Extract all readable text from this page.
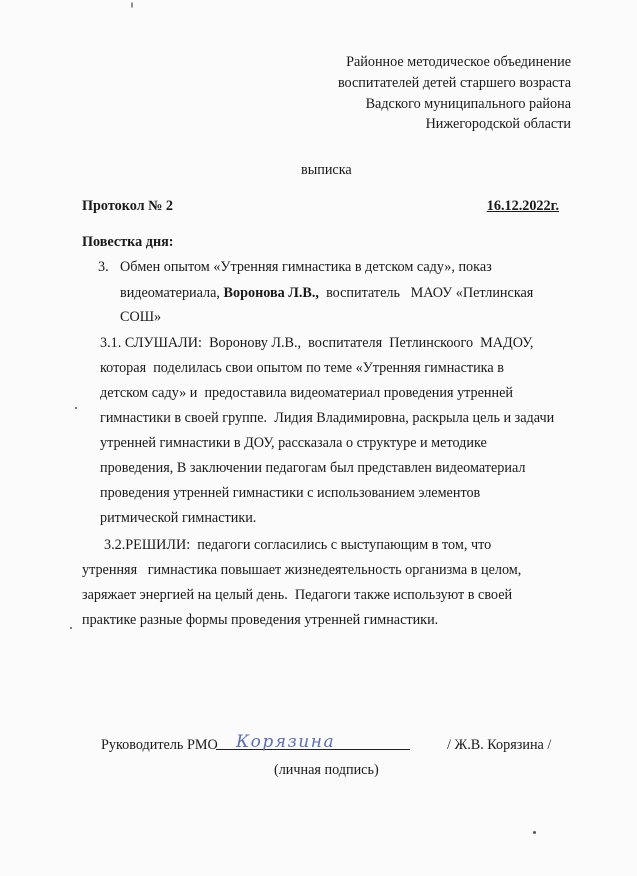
Районное методическое объединение
воспитателей детей старшего возраста
Вадского муниципального района
Нижегородской области
выписка
Протокол № 2	16.12.2022г.
Повестка дня:
3. Обмен опытом «Утренняя гимнастика в детском саду», показ
видеоматериала, Воронова Л.В.,  воспитатель   МАОУ «Петлинская
СОШ»
3.1. СЛУШАЛИ:  Воронову Л.В.,  воспитателя  Петлинскоого  МАДОУ,
которая  поделилась свои опытом по теме «Утренняя гимнастика в
детском саду» и  предоставила видеоматериал проведения утренней
гимнастики в своей группе.  Лидия Владимировна, раскрыла цель и задачи
утренней гимнастики в ДОУ, рассказала о структуре и методике
проведения, В заключении педагогам был представлен видеоматериал
проведения утренней гимнастики с использованием элементов
ритмической гимнастики.
3.2.РЕШИЛИ:  педагоги согласились с выступающим в том, что
утренняя   гимнастика повышает жизнедеятельность организма в целом,
заряжает энергией на целый день.  Педагоги также используют в своей
практике разные формы проведения утренней гимнастики.
Руководитель РМО Корязина	/ Ж.В. Корязина /
(личная подпись)
